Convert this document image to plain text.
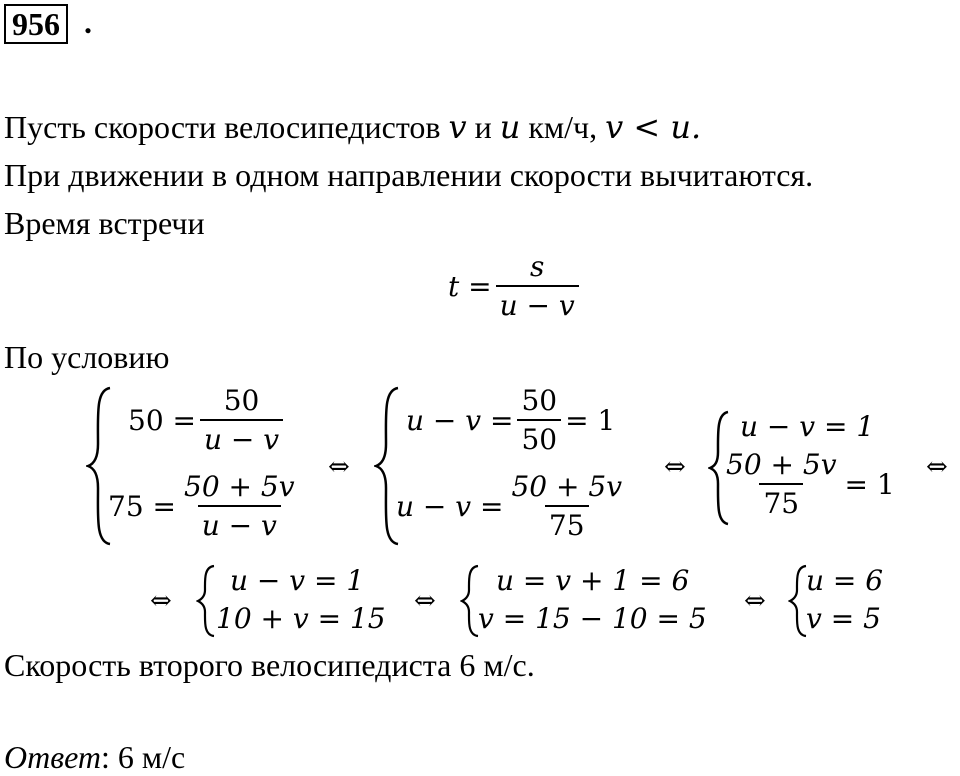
956 .
Пусть скорости велосипедистов v и u км/ч, v < u.
При движении в одном направлении скорости вычитаются.
Время встречи
$t = \frac{s}{u - v}$
По условию
$50 = \frac{50}{u - v}$
$75 = \frac{50 + 5v}{u - v}$
⇔
$u - v = \frac{50}{50} = 1$
$u - v = \frac{50 + 5v}{75}$
⇔
u − v = 1
$\frac{50 + 5v}{75} = 1$
⇔
⇔
u − v = 1
10 + v = 15
⇔
u = v + 1 = 6
v = 15 − 10 = 5
⇔
u = 6
v = 5
Скорость второго велосипедиста 6 м/с.
Ответ: 6 м/с
